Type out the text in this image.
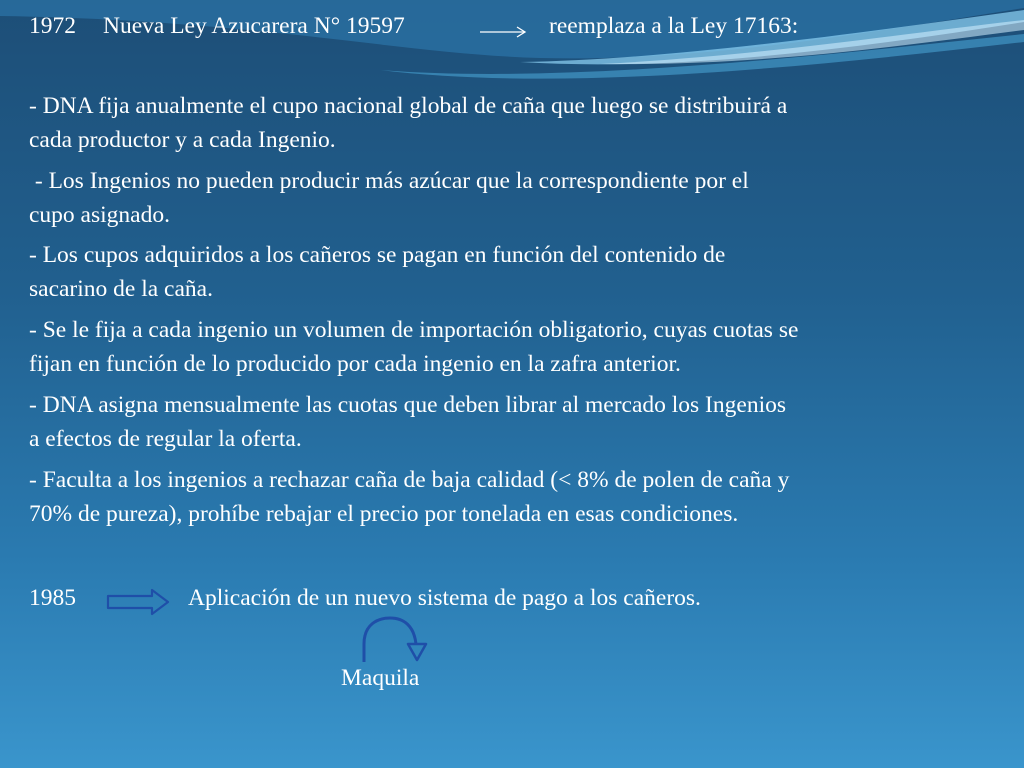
1972 Nueva Ley Azucarera N° 19597	reemplaza a la Ley 17163:
- DNA fija anualmente el cupo nacional global de caña que luego se distribuirá a
cada productor y a cada Ingenio.
- Los Ingenios no pueden producir más azúcar que la correspondiente por el
cupo asignado.
- Los cupos adquiridos a los cañeros se pagan en función del contenido de
sacarino de la caña.
- Se le fija a cada ingenio un volumen de importación obligatorio, cuyas cuotas se
fijan en función de lo producido por cada ingenio en la zafra anterior.
- DNA asigna mensualmente las cuotas que deben librar al mercado los Ingenios
a efectos de regular la oferta.
- Faculta a los ingenios a rechazar caña de baja calidad (< 8% de polen de caña y
70% de pureza), prohíbe rebajar el precio por tonelada en esas condiciones.
1985	Aplicación de un nuevo sistema de pago a los cañeros.
Maquila
